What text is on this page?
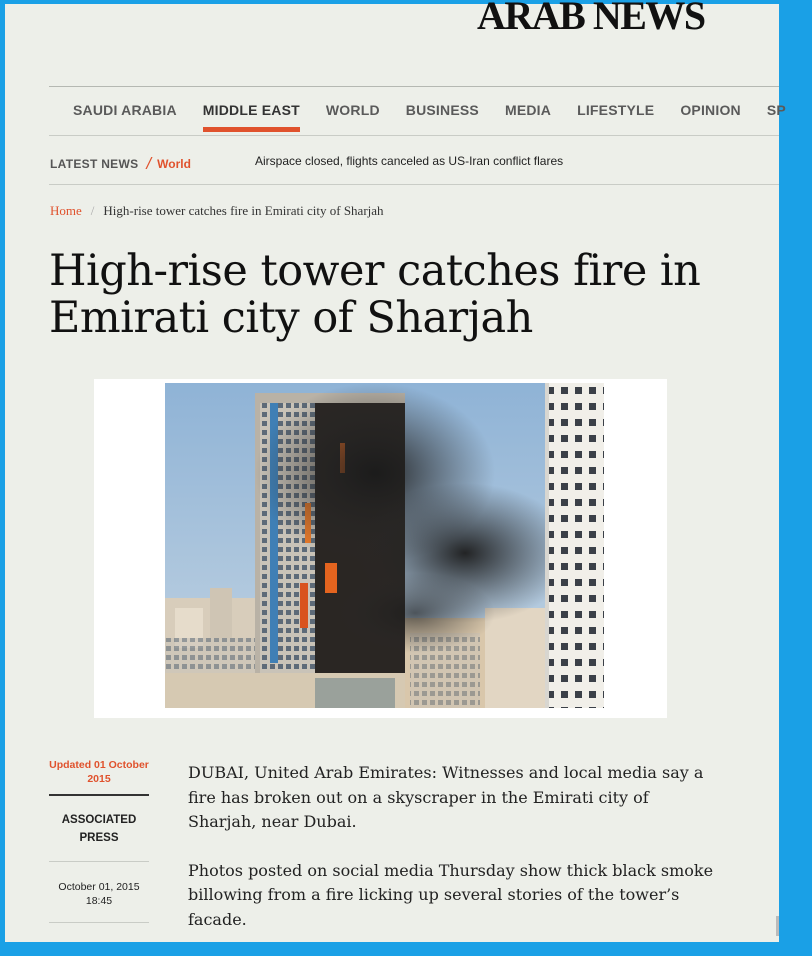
ARAB NEWS
SAUDI ARABIA MIDDLE EAST WORLD BUSINESS MEDIA LIFESTYLE OPINION SP
LATEST NEWS / World	Airspace closed, flights canceled as US-Iran conflict flares
Home / High-rise tower catches fire in Emirati city of Sharjah
High-rise tower catches fire in Emirati city of Sharjah
Updated 01 October 2015
ASSOCIATED PRESS
October 01, 2015 18:45

DUBAI, United Arab Emirates: Witnesses and local media say a fire has broken out on a skyscraper in the Emirati city of Sharjah, near Dubai.

Photos posted on social media Thursday show thick black smoke billowing from a fire licking up several stories of the tower’s facade.
